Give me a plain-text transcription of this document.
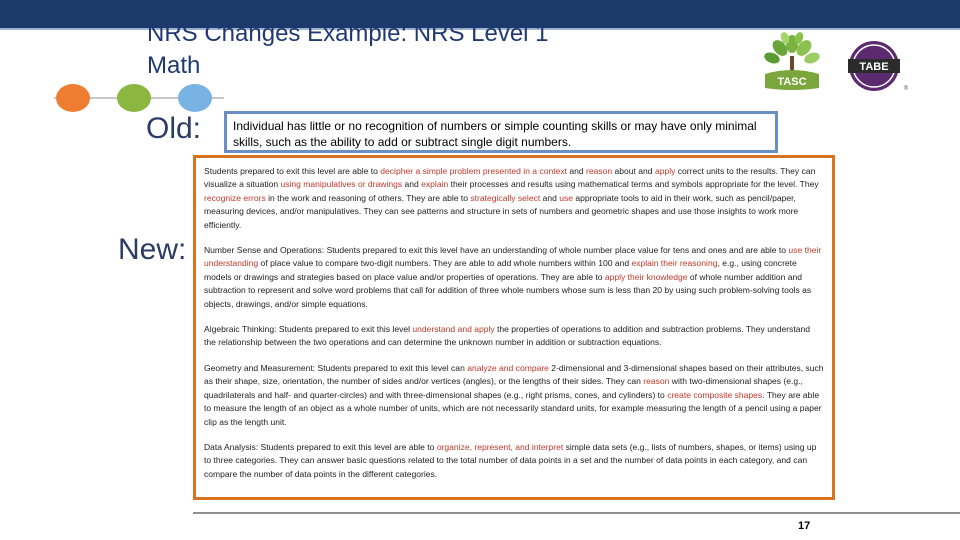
NRS Changes Example: NRS Level 1
Math
TASC
TABE
®
Old:
New:
Individual has little or no recognition of numbers or simple counting skills or may have only minimal skills, such as the ability to add or subtract single digit numbers.

Students prepared to exit this level are able to decipher a simple problem presented in a context and reason about and apply correct units to the results. They can visualize a situation using manipulatives or drawings and explain their processes and results using mathematical terms and symbols appropriate for the level. They recognize errors in the work and reasoning of others. They are able to strategically select and use appropriate tools to aid in their work, such as pencil/paper, measuring devices, and/or manipulatives. They can see patterns and structure in sets of numbers and geometric shapes and use those insights to work more efficiently.

Number Sense and Operations: Students prepared to exit this level have an understanding of whole number place value for tens and ones and are able to use their understanding of place value to compare two-digit numbers. They are able to add whole numbers within 100 and explain their reasoning, e.g., using concrete models or drawings and strategies based on place value and/or properties of operations. They are able to apply their knowledge of whole number addition and subtraction to represent and solve word problems that call for addition of three whole numbers whose sum is less than 20 by using such problem-solving tools as objects, drawings, and/or simple equations.

Algebraic Thinking: Students prepared to exit this level understand and apply the properties of operations to addition and subtraction problems. They understand the relationship between the two operations and can determine the unknown number in addition or subtraction equations.

Geometry and Measurement: Students prepared to exit this level can analyze and compare 2-dimensional and 3-dimensional shapes based on their attributes, such as their shape, size, orientation, the number of sides and/or vertices (angles), or the lengths of their sides. They can reason with two-dimensional shapes (e.g., quadrilaterals and half- and quarter-circles) and with three-dimensional shapes (e.g., right prisms, cones, and cylinders) to create composite shapes. They are able to measure the length of an object as a whole number of units, which are not necessarily standard units, for example measuring the length of a pencil using a paper clip as the length unit.

Data Analysis: Students prepared to exit this level are able to organize, represent, and interpret simple data sets (e.g., lists of numbers, shapes, or items) using up to three categories. They can answer basic questions related to the total number of data points in a set and the number of data points in each category, and can compare the number of data points in the different categories.

17
